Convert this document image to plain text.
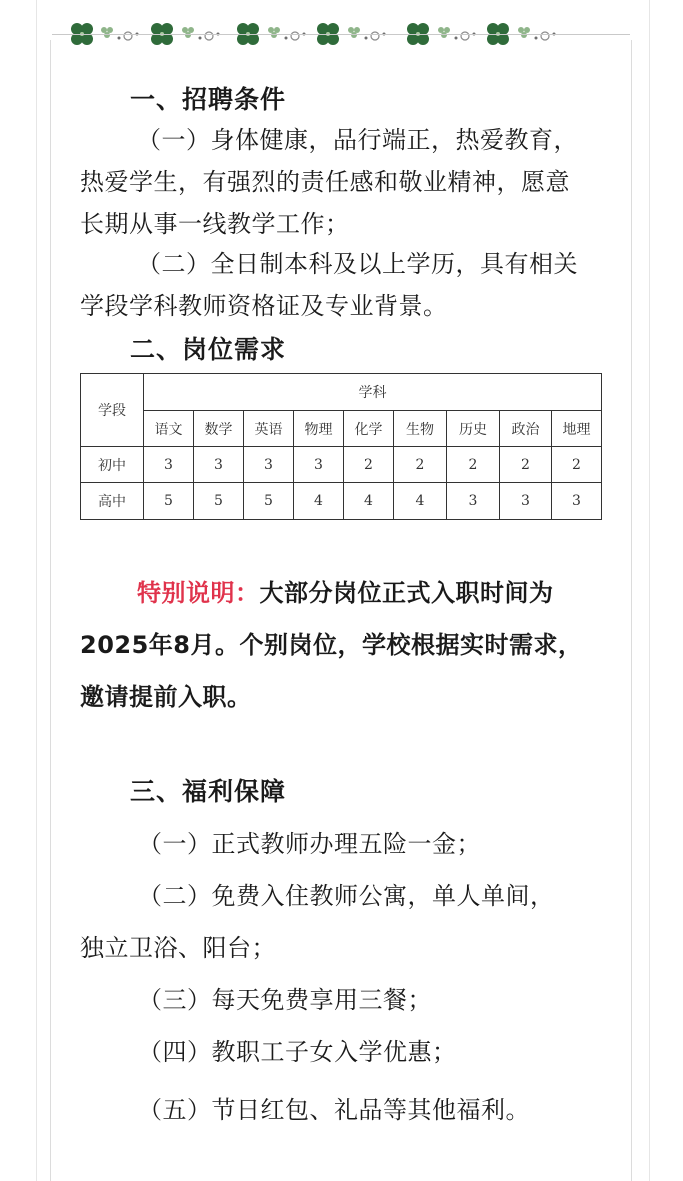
一、招聘条件
（一）身体健康，品行端正，热爱教育，热爱学生，有强烈的责任感和敬业精神，愿意长期从事一线教学工作；
（二）全日制本科及以上学历，具有相关学段学科教师资格证及专业背景。
二、岗位需求
学段	学科								
	语文	数学	英语	物理	化学	生物	历史	政治	地理
初中	3	3	3	3	2	2	2	2	2
高中	5	5	5	4	4	4	3	3	3
特别说明：大部分岗位正式入职时间为2025年8月。个别岗位，学校根据实时需求，邀请提前入职。
三、福利保障
（一）正式教师办理五险一金；
（二）免费入住教师公寓，单人单间，
独立卫浴、阳台；
（三）每天免费享用三餐；
（四）教职工子女入学优惠；
（五）节日红包、礼品等其他福利。
